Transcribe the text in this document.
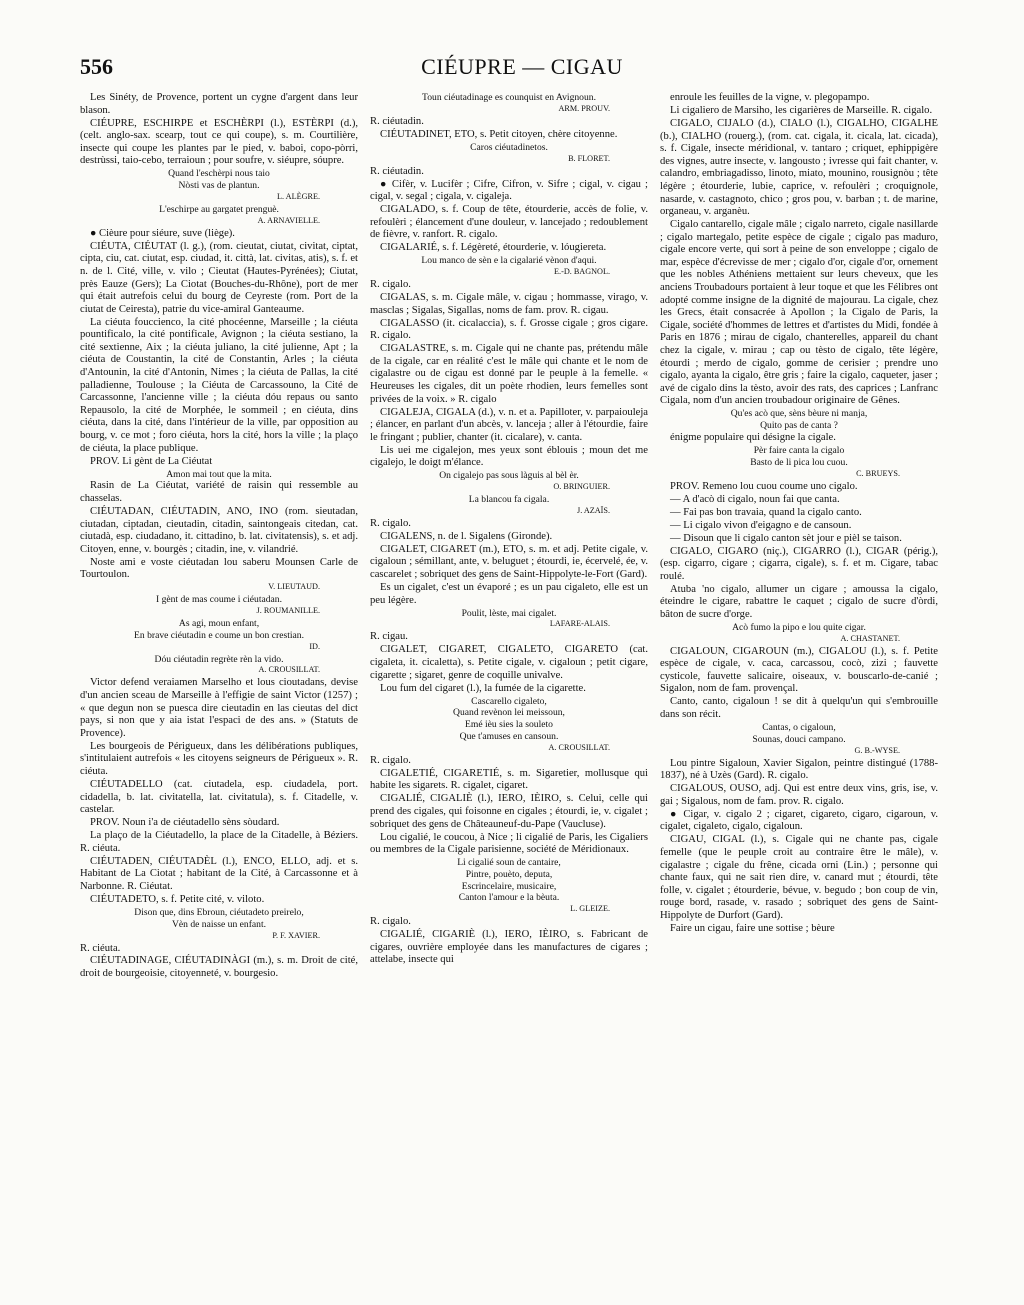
556	CIÉUPRE — CIGAU

Les Sinéty, de Provence, portent un cygne d'argent dans leur blason.

CIÉUPRE, ESCHIRPE et ESCHÈRPI (l.), ESTÈRPI (d.), (celt. anglo-sax. scearp, tout ce qui coupe), s. m. Courtilière, insecte qui coupe les plantes par le pied, v. baboi, copo-pòrri, destrùssi, taio-cebo, terraioun ; pour soufre, v. siéupre, sóupre.

Quand l'eschèrpi nous taio

Nòsti vas de plantun.

L. ALÈGRE.

L'eschirpe au gargatet prenguè.

A. ARNAVIELLE.

● Cièure pour siéure, suve (liège).

CIÉUTA, CIÉUTAT (l. g.), (rom. cieutat, ciutat, civitat, ciptat, cipta, ciu, cat. ciutat, esp. ciudad, it. città, lat. civitas, atis), s. f. et n. de l. Cité, ville, v. vilo ; Cieutat (Hautes-Pyrénées); Ciutat, près Eauze (Gers); La Ciotat (Bouches-du-Rhône), port de mer qui était autrefois celui du bourg de Ceyreste (rom. Port de la ciutat de Ceiresta), patrie du vice-amiral Ganteaume.

La ciéuta fouccienco, la cité phocéenne, Marseille ; la ciéuta pountificalo, la cité pontificale, Avignon ; la ciéuta sestiano, la cité sextienne, Aix ; la ciéuta juliano, la cité julienne, Apt ; la ciéuta de Coustantin, la cité de Constantin, Arles ; la ciéuta d'Antounin, la cité d'Antonin, Nimes ; la ciéuta de Pallas, la cité palladienne, Toulouse ; la Ciéuta de Carcassouno, la Cité de Carcassonne, l'ancienne ville ; la ciéuta dóu repaus ou santo Repausolo, la cité de Morphée, le sommeil ; en ciéuta, dins ciéuta, dans la cité, dans l'intérieur de la ville, par opposition au bourg, v. ce mot ; foro ciéuta, hors la cité, hors la ville ; la plaço de ciéuta, la place publique.

PROV. Li gènt de La Ciéutat

Amon mai tout que la mita.

Rasin de La Ciéutat, variété de raisin qui ressemble au chasselas.

CIÉUTADAN, CIÉUTADIN, ANO, INO (rom. sieutadan, ciutadan, ciptadan, cieutadin, citadin, saintongeais citedan, cat. ciutadà, esp. ciudadano, it. cittadino, b. lat. civitatensis), s. et adj. Citoyen, enne, v. bourgès ; citadin, ine, v. vilandrié.

Noste ami e voste ciéutadan lou saberu Mounsen Carle de Tourtoulon.

V. LIEUTAUD.

I gènt de mas coume i ciéutadan.

J. ROUMANILLE.

As agi, moun enfant,

En brave ciéutadin e coume un bon crestian.

ID.

Dóu ciéutadin regrète rèn la vido.

A. CROUSILLAT.

Victor defend veraiamen Marselho et lous cioutadans, devise d'un ancien sceau de Marseille à l'effigie de saint Victor (1257) ; « que degun non se puesca dire cieutadin en las cieutas del dict pays, si non que y aia istat l'espaci de des ans. » (Statuts de Provence).

Les bourgeois de Périgueux, dans les délibérations publiques, s'intitulaient autrefois « les citoyens seigneurs de Périgueux ». R. ciéuta.

CIÉUTADELLO (cat. ciutadela, esp. ciudadela, port. cidadella, b. lat. civitatella, lat. civitatula), s. f. Citadelle, v. castelar.

PROV. Noun i'a de ciéutadello sèns sòudard.

La plaço de la Ciéutadello, la place de la Citadelle, à Béziers. R. ciéuta.

CIÉUTADEN, CIÉUTADÈL (l.), ENCO, ELLO, adj. et s. Habitant de La Ciotat ; habitant de la Cité, à Carcassonne et à Narbonne. R. Ciéutat.

CIÉUTADETO, s. f. Petite cité, v. viloto.

Dison que, dins Ebroun, ciéutadeto preirelo,

Vèn de naisse un enfant.

P. F. XAVIER.

R. ciéuta.

CIÉUTADINAGE, CIÉUTADINÀGI (m.), s. m. Droit de cité, droit de bourgeoisie, citoyenneté, v. bourgesio.

Toun ciéutadinage es counquist en Avignoun.

ARM. PROUV.

R. ciéutadin.

CIÉUTADINET, ETO, s. Petit citoyen, chère citoyenne.

Caros ciéutadinetos.

B. FLORET.

R. ciéutadin.

● Cifèr, v. Lucifèr ; Cifre, Cifron, v. Sifre ; cigal, v. cigau ; cigal, v. segal ; cigala, v. cigaleja.

CIGALADO, s. f. Coup de tête, étourderie, accès de folie, v. refoulèri ; élancement d'une douleur, v. lancejado ; redoublement de fièvre, v. ranfort. R. cigalo.

CIGALARIÉ, s. f. Légèreté, étourderie, v. lóugiereta.

Lou manco de sèn e la cigalarié vènon d'aqui.

E.-D. BAGNOL.

R. cigalo.

CIGALAS, s. m. Cigale mâle, v. cigau ; hommasse, virago, v. masclas ; Sigalas, Sigallas, noms de fam. prov. R. cigau.

CIGALASSO (it. cicalaccia), s. f. Grosse cigale ; gros cigare. R. cigalo.

CIGALASTRE, s. m. Cigale qui ne chante pas, prétendu mâle de la cigale, car en réalité c'est le mâle qui chante et le nom de cigalastre ou de cigau est donné par le peuple à la femelle. « Heureuses les cigales, dit un poète rhodien, leurs femelles sont privées de la voix. » R. cigalo

CIGALEJA, CIGALA (d.), v. n. et a. Papilloter, v. parpaiouleja ; élancer, en parlant d'un abcès, v. lanceja ; aller à l'étourdie, faire le fringant ; publier, chanter (it. cicalare), v. canta.

Lis uei me cigalejon, mes yeux sont éblouis ; moun det me cigalejo, le doigt m'élance.

On cigalejo pas sous làguis al bèl èr.

O. BRINGUIER.

La blancou fa cigala.

J. AZAÏS.

R. cigalo.

CIGALENS, n. de l. Sigalens (Gironde).

CIGALET, CIGARET (m.), ETO, s. m. et adj. Petite cigale, v. cigaloun ; sémillant, ante, v. beluguet ; étourdi, ie, écervelé, ée, v. cascarelet ; sobriquet des gens de Saint-Hippolyte-le-Fort (Gard).

Es un cigalet, c'est un évaporé ; es un pau cigaleto, elle est un peu légère.

Poulit, lèste, mai cigalet.

LAFARE-ALAIS.

R. cigau.

CIGALET, CIGARET, CIGALETO, CIGARETO (cat. cigaleta, it. cicaletta), s. Petite cigale, v. cigaloun ; petit cigare, cigarette ; sigaret, genre de coquille univalve.

Lou fum del cigaret (l.), la fumée de la cigarette.

Cascarello cigaleto,

Quand revènon lei meissoun,

Emé ièu sies la souleto

Que t'amuses en cansoun.

A. CROUSILLAT.

R. cigalo.

CIGALETIÉ, CIGARETIÉ, s. m. Sigaretier, mollusque qui habite les sigarets. R. cigalet, cigaret.

CIGALIÉ, CIGALIÈ (l.), IERO, IÈIRO, s. Celui, celle qui prend des cigales, qui foisonne en cigales ; étourdi, ie, v. cigalet ; sobriquet des gens de Châteauneuf-du-Pape (Vaucluse).

Lou cigalié, le coucou, à Nice ; li cigalié de Paris, les Cigaliers ou membres de la Cigale parisienne, société de Méridionaux.

Li cigalié soun de cantaire,

Pintre, pouèto, deputa,

Escrincelaire, musicaire,

Canton l'amour e la bèuta.

L. GLEIZE.

R. cigalo.

CIGALIÉ, CIGARIÈ (l.), IERO, IÈIRO, s. Fabricant de cigares, ouvrière employée dans les manufactures de cigares ; attelabe, insecte qui

enroule les feuilles de la vigne, v. plegopampo.

Li cigaliero de Marsiho, les cigarières de Marseille. R. cigalo.

CIGALO, CIJALO (d.), CIALO (l.), CIGALHO, CIGALHE (b.), CIALHO (rouerg.), (rom. cat. cigala, it. cicala, lat. cicada), s. f. Cigale, insecte méridional, v. tantaro ; criquet, ephippigère des vignes, autre insecte, v. langousto ; ivresse qui fait chanter, v. calandro, embriagadisso, linoto, miato, mounino, rousignòu ; tête légère ; étourderie, lubie, caprice, v. refoulèri ; croquignole, nasarde, v. castagnoto, chico ; gros pou, v. barban ; t. de marine, organeau, v. arganèu.

Cigalo cantarello, cigale mâle ; cigalo narreto, cigale nasillarde ; cigalo martegalo, petite espèce de cigale ; cigalo pas maduro, cigale encore verte, qui sort à peine de son enveloppe ; cigalo de mar, espèce d'écrevisse de mer ; cigalo d'or, cigale d'or, ornement que les nobles Athéniens mettaient sur leurs cheveux, que les anciens Troubadours portaient à leur toque et que les Félibres ont adopté comme insigne de la dignité de majourau. La cigale, chez les Grecs, était consacrée à Apollon ; la Cigalo de Paris, la Cigale, société d'hommes de lettres et d'artistes du Midi, fondée à Paris en 1876 ; mirau de cigalo, chanterelles, appareil du chant chez la cigale, v. mirau ; cap ou tèsto de cigalo, tête légère, étourdi ; merdo de cigalo, gomme de cerisier ; prendre uno cigalo, ayanta la cigalo, être gris ; faire la cigalo, caqueter, jaser ; avé de cigalo dins la tèsto, avoir des rats, des caprices ; Lanfranc Cigala, nom d'un ancien troubadour originaire de Gênes.

Qu'es acò que, sèns bèure ni manja,

Quito pas de canta ?

énigme populaire qui désigne la cigale.

Pèr faire canta la cigalo

Basto de li pica lou cuou.

C. BRUEYS.

PROV. Remeno lou cuou coume uno cigalo.

— A d'acò di cigalo, noun fai que canta.

— Fai pas bon travaia, quand la cigalo canto.

— Li cigalo vivon d'eigagno e de cansoun.

— Disoun que li cigalo canton sèt jour e pièl se taison.

CIGALO, CIGARO (niç.), CIGARRO (l.), CIGAR (périg.), (esp. cigarro, cigare ; cigarra, cigale), s. f. et m. Cigare, tabac roulé.

Atuba 'no cigalo, allumer un cigare ; amoussa la cigalo, éteindre le cigare, rabattre le caquet ; cigalo de sucre d'òrdi, bâton de sucre d'orge.

Acò fumo la pipo e lou quite cigar.

A. CHASTANET.

CIGALOUN, CIGAROUN (m.), CIGALOU (l.), s. f. Petite espèce de cigale, v. caca, carcassou, cocò, zizi ; fauvette cysticole, fauvette salicaire, oiseaux, v. bouscarlo-de-canié ; Sigalon, nom de fam. provençal.

Canto, canto, cigaloun ! se dit à quelqu'un qui s'embrouille dans son récit.

Cantas, o cigaloun,

Sounas, douci campano.

G. B.-WYSE.

Lou pintre Sigaloun, Xavier Sigalon, peintre distingué (1788-1837), né à Uzès (Gard). R. cigalo.

CIGALOUS, OUSO, adj. Qui est entre deux vins, gris, ise, v. gai ; Sigalous, nom de fam. prov. R. cigalo.

● Cigar, v. cigalo 2 ; cigaret, cigareto, cigaro, cigaroun, v. cigalet, cigaleto, cigalo, cigaloun.

CIGAU, CIGAL (l.), s. Cigale qui ne chante pas, cigale femelle (que le peuple croit au contraire être le mâle), v. cigalastre ; cigale du frêne, cicada orni (Lin.) ; personne qui chante faux, qui ne sait rien dire, v. canard mut ; étourdi, tête folle, v. cigalet ; étourderie, bévue, v. begudo ; bon coup de vin, rouge bord, rasade, v. rasado ; sobriquet des gens de Saint-Hippolyte de Durfort (Gard).

Faire un cigau, faire une sottise ; bèure
